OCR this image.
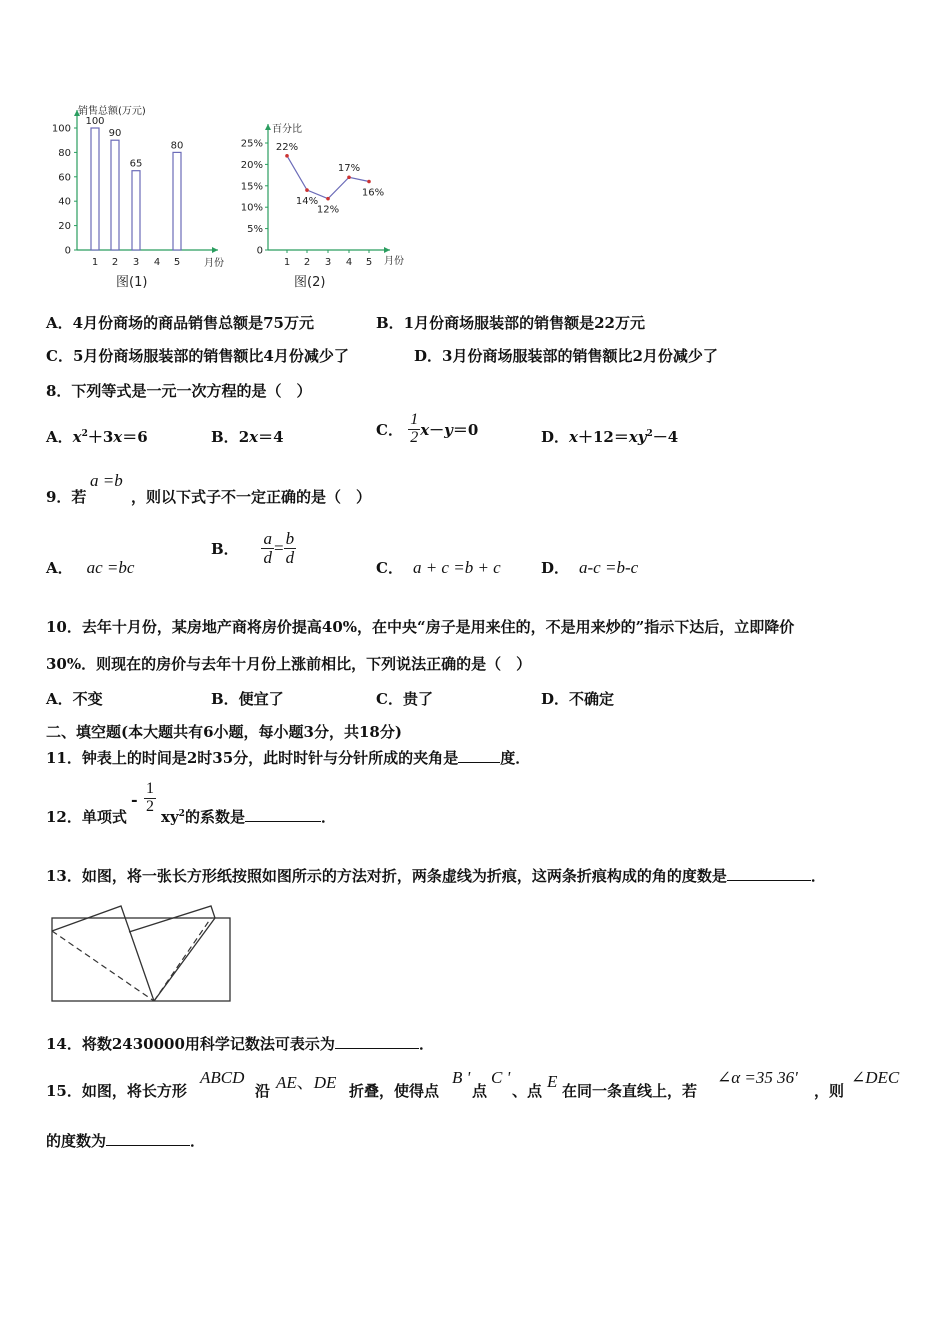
0
20
40
60
80
100
1
100
2
90
3
65
4 5
80
销售总额(万元)
月份
图(1)
0
5%
10%
15%
20%
25%
1
22%
2
14%
3
12%
4
17%
5
16%
百分比
月份
图(2)
A．4月份商场的商品销售总额是75万元	B．1月份商场服装部的销售额是22万元
C．5月份商场服装部的销售额比4月份减少了	D．3月份商场服装部的销售额比2月份减少了
8．下列等式是一元一次方程的是（　）
A．$x^2+3x=6$	B．2x＝4	C． $\frac{1}{2} x-y=0$	D．$x+12=xy^2-4$
9．若
a =b
，则以下式子不一定正确的是（　）
A． ac =bc
B． $\frac{a}{d} = \frac{b}{d}$
C． a + c =b + c	D． a-c =b-c
10．去年十月份，某房地产商将房价提高40%，在中央“房子是用来住的，不是用来炒的”指示下达后，立即降价
30%．则现在的房价与去年十月份上涨前相比，下列说法正确的是（　）
A．不变	B．便宜了	C．贵了	D．不确定
二、填空题(本大题共有6小题，每小题3分，共18分)
11．钟表上的时间是2时35分，此时时针与分针所成的夹角是	度．
12．单项式
- $\frac{1}{2}$
$xy^2$的系数是	．
13．如图，将一张长方形纸按照如图所示的方法对折，两条虚线为折痕，这两条折痕构成的角的度数是	．
14．将数2430000用科学记数法可表示为	．
15．如图，将长方形
ABCD
沿 AE、DE 折叠，使得点
B '
点
C '
、点 E 在同一条直线上，若
∠α =35 36'
，则
∠DEC
的度数为	．
